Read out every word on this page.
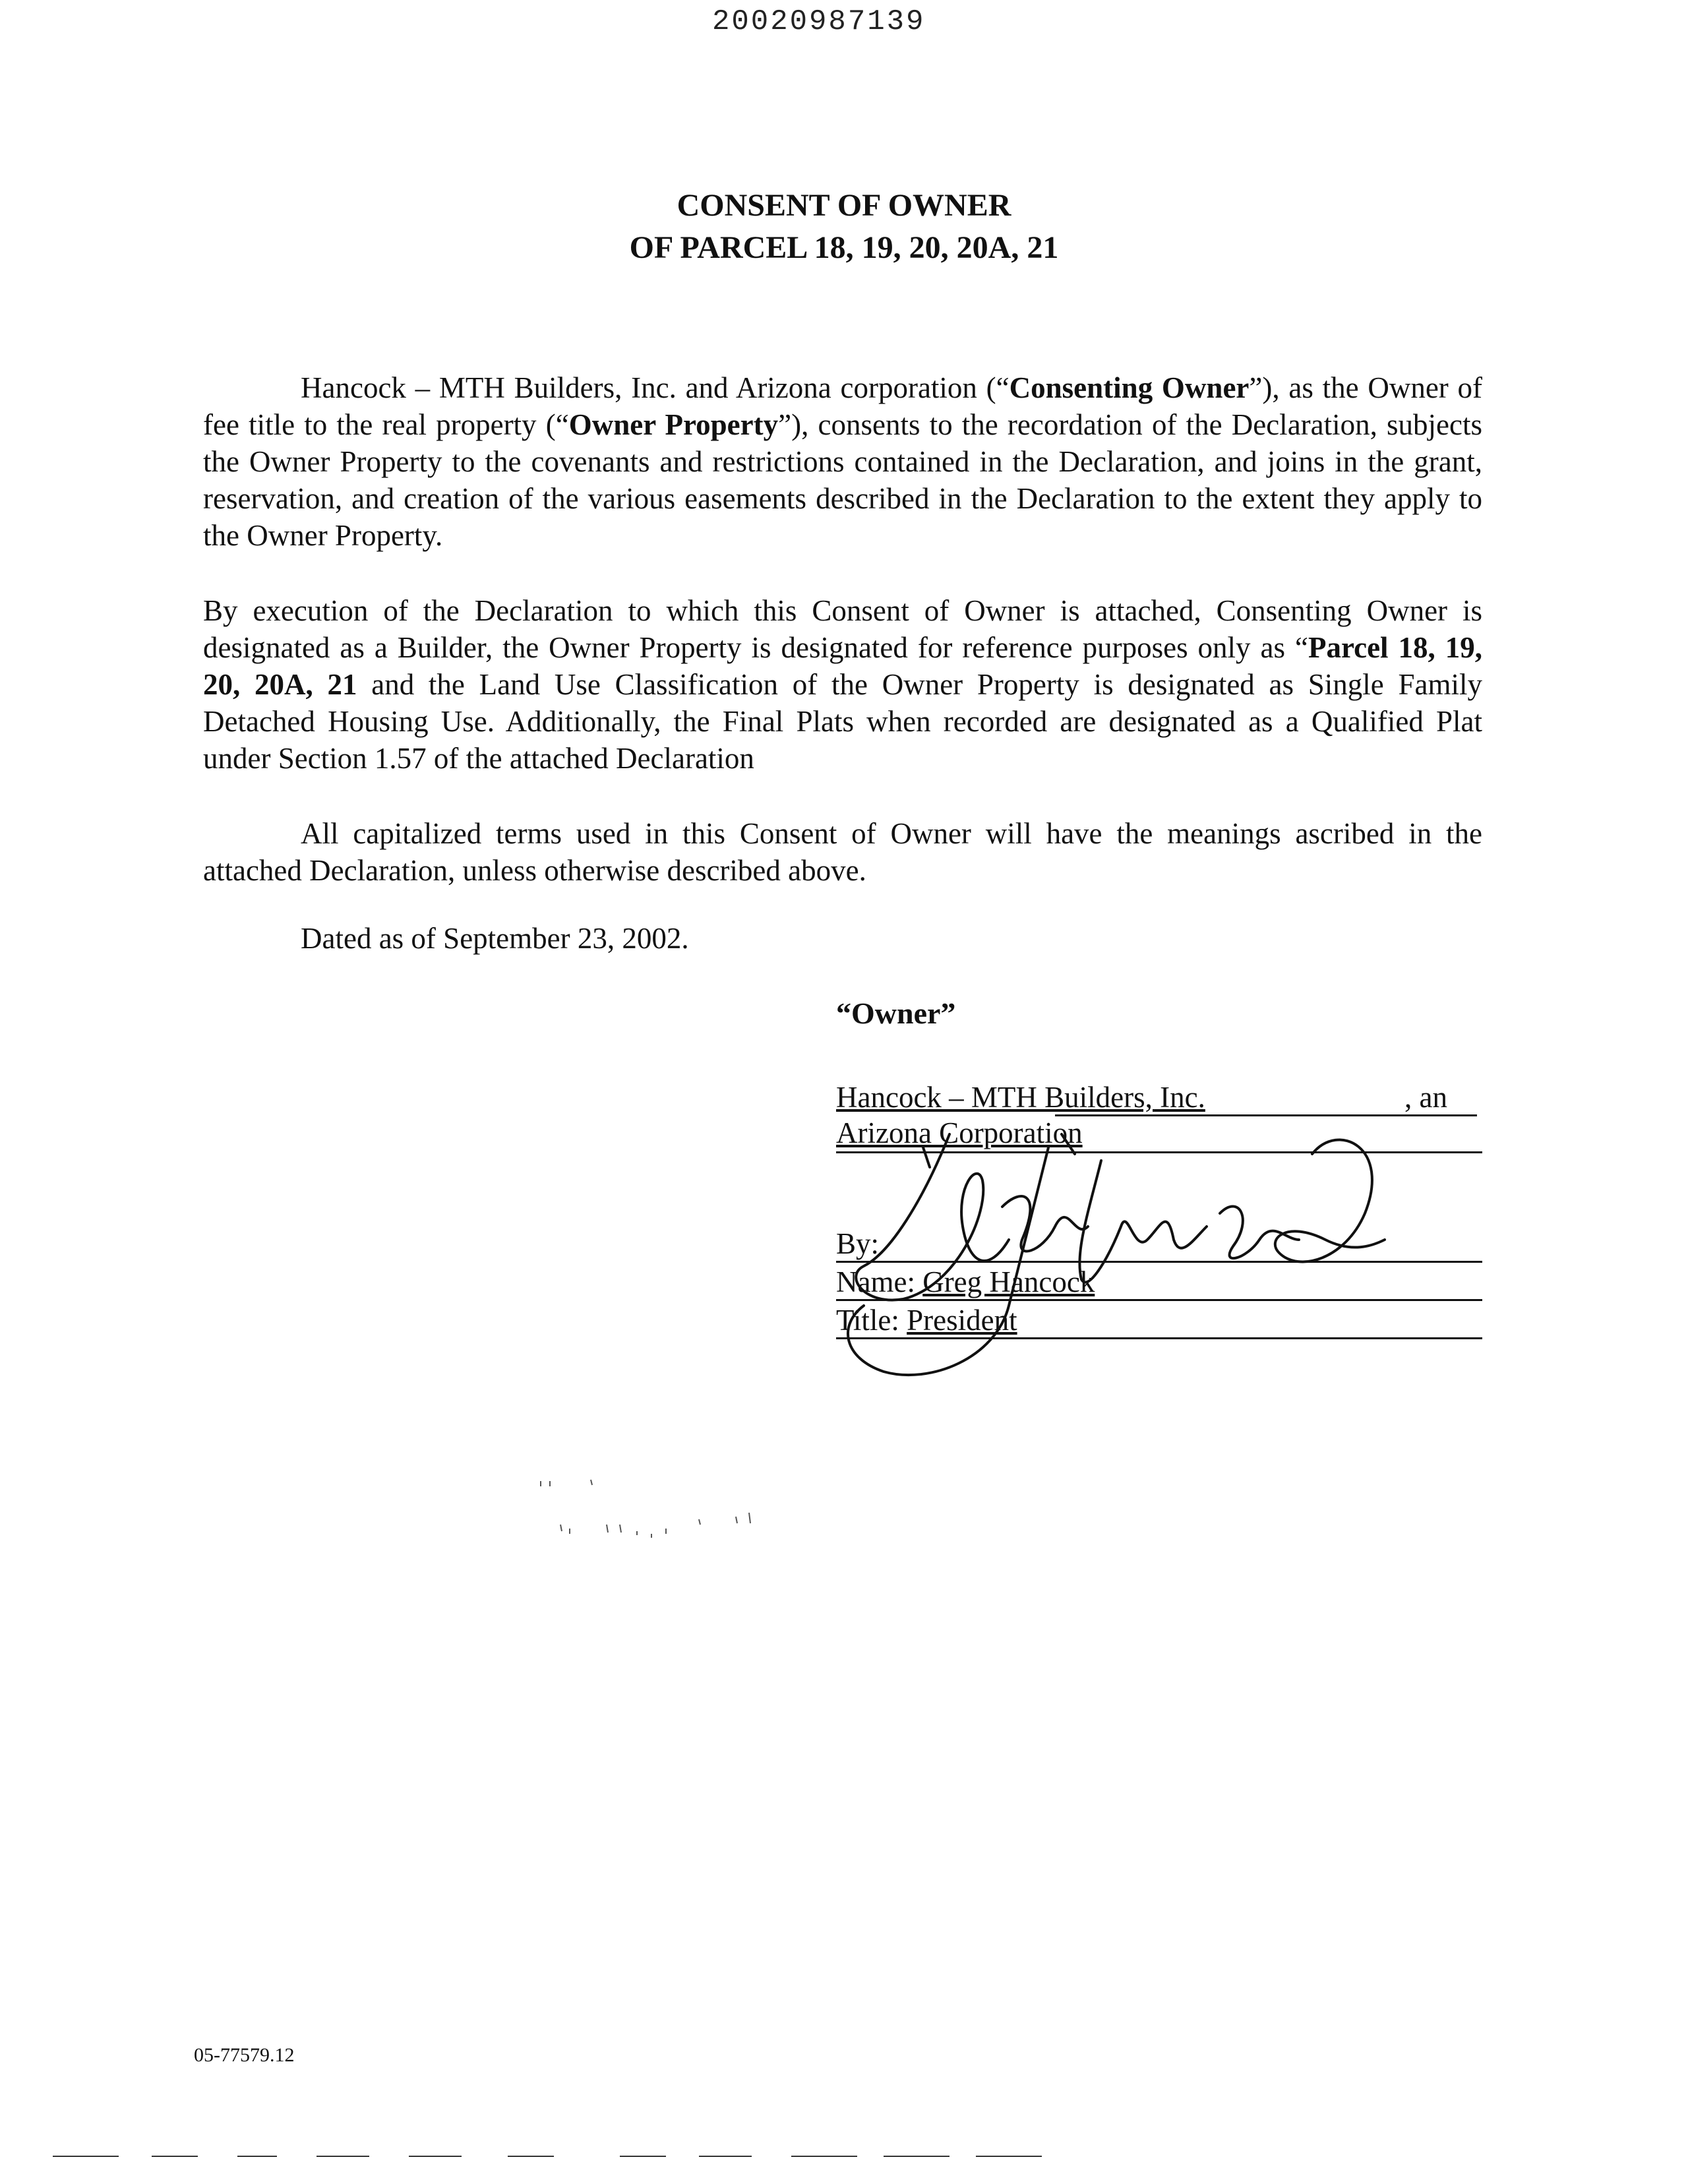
20020987139
CONSENT OF OWNER
OF PARCEL 18, 19, 20, 20A, 21
Hancock – MTH Builders, Inc. and Arizona corporation (“Consenting Owner”), as the Owner of fee title to the real property (“Owner Property”), consents to the recordation of the Declaration, subjects the Owner Property to the covenants and restrictions contained in the Declaration, and joins in the grant, reservation, and creation of the various easements described in the Declaration to the extent they apply to the Owner Property.
By execution of the Declaration to which this Consent of Owner is attached, Consenting Owner is designated as a Builder, the Owner Property is designated for reference purposes only as “Parcel 18, 19, 20, 20A, 21 and the Land Use Classification of the Owner Property is designated as Single Family Detached Housing Use. Additionally, the Final Plats when recorded are designated as a Qualified Plat under Section 1.57 of the attached Declaration
All capitalized terms used in this Consent of Owner will have the meanings ascribed in the attached Declaration, unless otherwise described above.
Dated as of September 23, 2002.
“Owner”
Hancock – MTH Builders, Inc.	, an
Arizona Corporation
By:
Name: Greg Hancock
Title: President
05-77579.12
